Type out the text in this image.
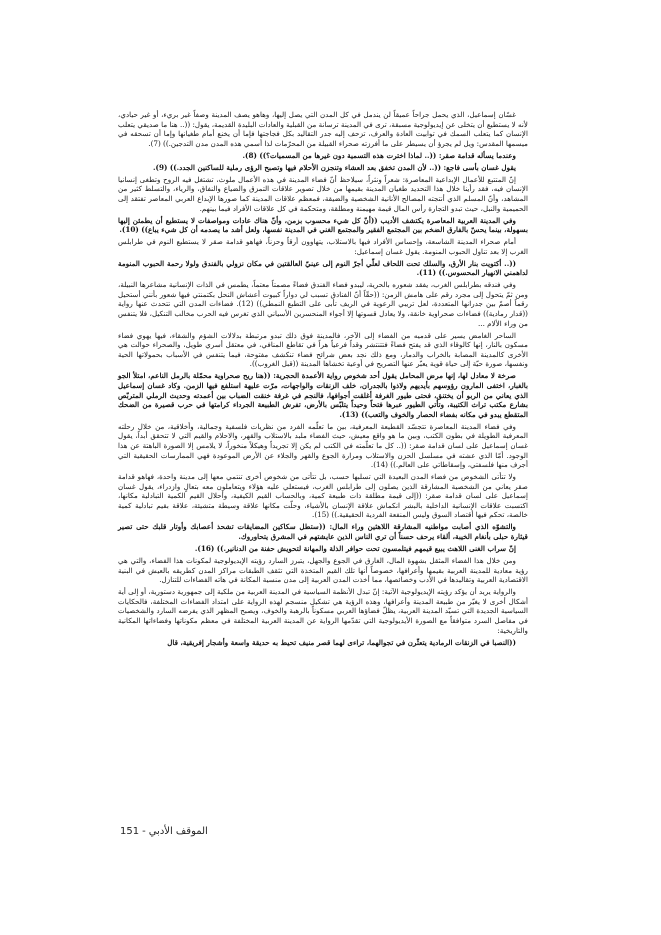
غسّان إسماعيل، الذي يحمل جراحاً عميقاً لن يندمل في كل المدن التي يصل إليها، وهاهو يصف المدينة وصفاً غير بريء، أو غير حيادي، لأنه لا يستطيع أن يتخلى عن إيديولوجية مسبقة، ترى في المدينة ترسانة من القبلية والعادات البليدة القديمة، يقول: ((.. هنا ما صديقي يتعلب الإنسان كما يتعلب السمك في توابيت العادة والعرف، تزحف إليه جدر التقاليد بكل فجاجتها فإما أن يخنع أمام طغيانها وإما أن تسحقه في ميسمها المقدس: ويل لم يجرؤ أن يسيطر على ما أفرزته صحراء القبيلة من المحرّمات لذا أسمي هذه المدن مدن التدجين.)) (7).

وعندما يسأله قدامة صقر: ((.. لماذا اخترت هذه التسمية دون غيرها من المسميات؟)) (8).

يقول غسان بأسى فاجع: ((.. لأن المدن تخفق بعد العشاء وتنجزن الأحلام فيها وتصبح الرؤى رملية للساكنين الجدد.)) (9).

إنّ المتتبع للأعمال الإبداعية المعاصرة: شعراً ونثراً، سيلاحظ أنّ فضاء المدينة في هذه الأعمال ملوث، تشتغل فيه الروح وتطغى إنسانيا الإنسان فيه، فقد رأينا خلال هذا التحديد طغيان المدينة بقيمها من خلال تصوير علاقات التمزق والضياع والنفاق، والرياء، والتسلط كثير من المشاهد، وأنّ المسلم الذي أنتجته المصالح الأنانية الشخصية والضيقة، فمعظم علاقات المدينة كما صورها الإبداع العربي المعاصر تفتقد إلى الحميمية والنبل، حيث تبدو التجارة رأس المال قيمة مهيمنة ومطلقة، ومتحكمة في كل علاقات الأفراد فيما بينهم.

وفي المدينة العربية المعاصرة يكتشف الأديب ((أنّ كل شيء محسوب بزمن، وأنّ هناك عادات ومواصفات لا يستطيع أن يطمئن إليها بسهولة، بينما يحسّ بالفارق الضخم بين المجتمع الفقير والمجتمع الغني في المدينة نفسها، ولعل أشد ما يصدمه أن كل شيء يباع)) (10).

أمام صحراء المدينة الشاسعة، وإحساس الأفراد فيها بالاستلاب، يتهاوون أرقاً وحزناً، فهاهو قدامة صقر لا يستطيع النوم في طرابلس الغرب إلا بعد تناول الحبوب المنومة. يقول غسان إسماعيل:

((.. أكتويت بنار الأرق، والسلك تحت اللحاف لعلّي أجرّ النوم إلى عينيّ العالقتين في مكان نزولي بالفندق ولولا رحمة الحبوب المنومة لداهمني الانهيار المحسوس.)) (11).

وفي فندقه بطرابلس الغرب، يفقد شعوره بالحرية، ليبدو فضاء الفندق فضاءً مصمتاً معتماً، يطمس في الذات الإنسانية مشاعرها النبيلة، ومن ثمّ يتحول إلى مجرد رقم على هامش الزمن: ((حقّاً أنّ الفنادق تسبب لي دواراً كبيوت أعشاش النحل بكتمنتي فيها شعور بأنني أستحيل رقماً أصمّ بين جدرانها المتعددة، لعل تريبي الرعوية في الريف تأبى على التطبع النمطي)) (12). فضاءات المدن التي تتحدث عنها رواية ((قدار رمادية)) فضاءات صحراوية خانقة، ولا يعادل قسوتها إلا أجواء المنحسرين الأسياني الذي تغرس فيه الحرب مخالب التنكيل، فلا يتنفس من وراء الألام ...

الساحر الغامض يسير على قدميه من الفضاء إلى الآخر، فالمدينة فوق ذلك تبدو مرتبطة بدلالات الشؤم والشقاء، فيها يهوي فضاء مسكون بالنار، إنها كالوقاء الذي قد يفتح فضاءً فتتنتشر وقداً فرعياً هراً في تقاطع المنافي، في معتقل أسري طويل، والصحراء حوالت هي الأخرى كالمدينة المصابة بالخراب والدمار، ومع ذلك نجد بعض شرائح فضاء تنكشف مفتوحة، فيما يتنفس في الأسباب بحمولاتها الحية ونفسها، صورة حيّة إلى حياة قوية يعبّر عنها التصريح في أوعية تخشاها المدينة ((قبل الغروب)).

صرخة لا معادل لها، إنها مرض المحامل يقول أحد شخوص رواية الأعمدة الحجرية: ((هنا ريح صحراوية محمّلة بالرمل الناعم، امتلأ الجو بالغبار، اختفى المارون رؤوسهم بأيديهم ولاذوا بالجدران، خلف الزنقات والواجهات، مرّت عليهة استلفع فيها الزمن. وكاد غسان إسماعيل الذي يعاني من الربو أن يختنق، فحتى طيور الغرفة أغلقت أجوافها، فالنجم في غرفة خنقت الضباب بين أعمدته وحديث الرملي المتربّص بشارع مكتب تراث الكتيبة، وتأتي الطيور عبرها فتحاً وحيداً يتلبّس بالأرض، تفرش الطبيعة الجرداء كرامتها في حرب قصيرة من الضحك المتقطع يبدو في مكانه بفضاء الحصار والخوف والتعب)) (13).

وفي فضاء المدينة المعاصرة تتجسّد القطيعة المعرفية، بين ما تعلّمه الفرد من نظريات فلسفية وجمالية، وأخلاقية، من خلال رحلته المعرفية الطويلة في بطون الكتب، وبين ما هو واقع معيش، حيث الفضاء ملبد بالاستلاب والقهر، والاحلام والقيم التي لا تتحقق أبداً، يقول غسان إسماعيل على لسان قدامة صقر: ((.. كل ما تعلّمته في الكتب لم يكن إلا تجريداً وهيكلاً منخوراً، لا يلامس إلا الصورة الباهتة عن هذا الوجود. أمّا الذي عشته في مسلسل الحزن والاستلاب ومرارة الجوع والقهر والجلاء عن الأرض الموعودة فهي الممارسات الحقيقية التي أجرف منها فلسفتي، وإسقاطاتي على العالم.)) (14).

ولا تتأتى الشخوص من فضاء المدن البعيدة التي تسلبها حسب، بل تتأتى من شخوص أخرى تنتمي معها إلى مدينة واحدة، فهاهو قدامة صقر يعاني من الشخصية المشارقة الذين يصلون إلى طرابلس الغرب، فيستعلي عليه هؤلاء ويتعاملون معه بتعالٍ وازدراء، يقول غسان إسماعيل على لسان قدامة صقر: ((إلى قيمة مطلقة ذات طبيعة كمية، وبالحساب القيم الكيفية، وأحلال القيم الكمية التبادلية مكانها، اكتسبت علاقات الإنسانية الداخلية بالبشر انكماش علاقة الإنسان بالأشياء، وحلّت مكانها علاقة وسيطة متشيئة، علاقة بقيم تبادلية كمية خالصة، تحكم فيها أقتصاد السوق وليس المنفعة الفردية الحقيقية.)) (15).

والتشوّه الذي أصابت مواطنيه المشارقة اللاهثين وراء المال: ((ستطل سكاكين المضايقات تشحذ أعصابك وأوتار قلبك حتى تصير قيثارة حبلى بأنغام الخيبة، ألقاء يرحف حسناً أن تري الناس الذين عايشتهم في المشرق يتحاوروك.

إنّ سراب الغنى اللاهث يبيع قيمهم فيتلمسون تحت حوافر الذلة والمهانة لتحويش حفنة من الدنانير.)) (16).

ومن خلال هذا الفضاء المثقل بشهوة المال، الغارق في الجوع والجهل، يتبرز السارد رؤيته الإيديولوجية لمكونات هذا الفضاء، والتي هي رؤية معادية للمدينة العربية بقيمها وأعرافها، خصوصاً أنها تلك القيم المتخذة التي تثقف الطبقات مراكز المدن كطريقه بالعيش في البنية الاقتصادية العربية وتقاليدها في الأدب وخصائصها، مما أخذت المدن العربية إلى مدن منسية المكانة في هاته الفضاءات للتنازل.

والرواية يريد أن يؤكد رؤيته الإيديولوجية الآتية: إنّ تبدل الأنظمة السياسية في المدينة العربية من ملكية إلى جمهورية دستورية، أو إلى أية أشكال أخرى لا يغيّر من طبيعة المدينة وأعرافها، وهذه الرؤية هي تشكيل منسجم لهذه الرواية على امتداد الفضاءات المختلفة، فالحكايات السياسية الجديدة التي تسيّد المدينة العربية، يظلّ فضاؤها العربي مسكوناً بالرهبة والخوف، ويصبح المظهر الذي يفرضه السارد والشخصيات في مفاصل السرد متوافقاً مع الصورة الأيديولوجية التي تقدّمها الرواية عن المدينة العربية المختلفة في معظم مكوناتها وفضاءاتها المكانية والتاريخية:

((النصبا في الزنقات الرمادية يتعثّرن في تجوالهما، تراءى لهما قصر منيف تحيط به حديقة واسعة وأشجار إفريقية، قال

الموقف الأدبي-151
